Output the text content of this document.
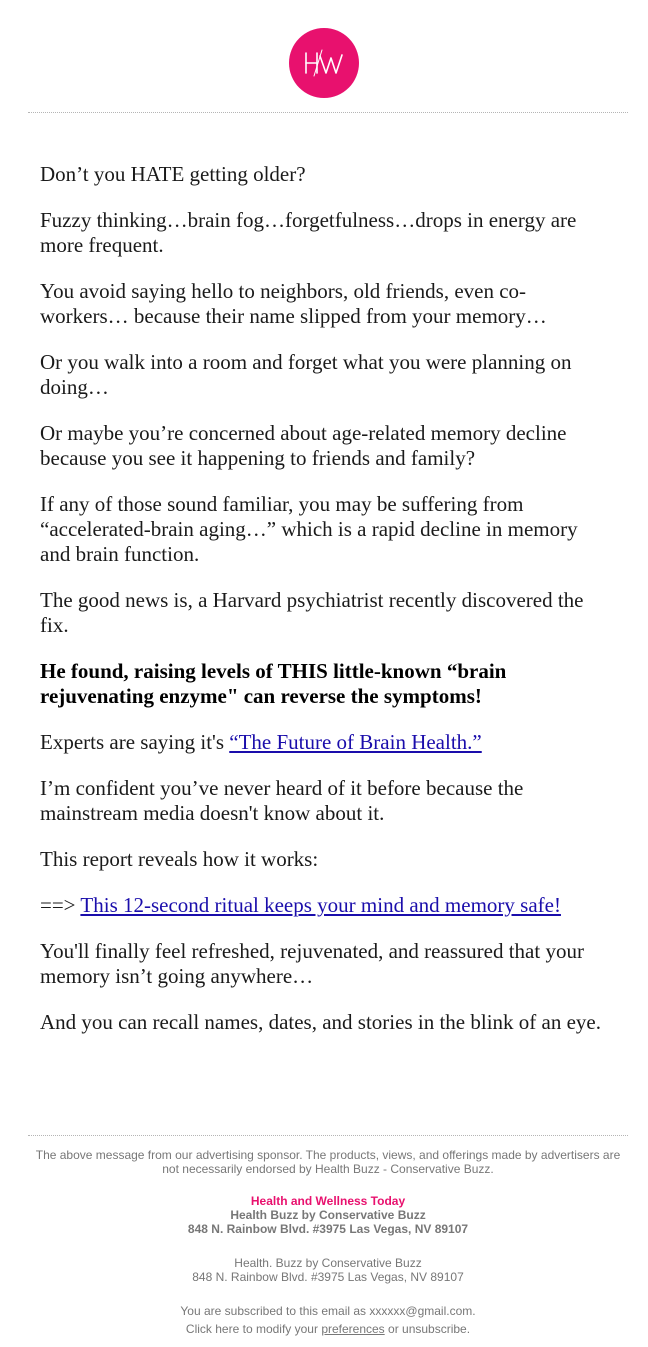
Don’t you HATE getting older?

Fuzzy thinking…brain fog…forgetfulness…drops in energy are more frequent.

You avoid saying hello to neighbors, old friends, even co-workers… because their name slipped from your memory…

Or you walk into a room and forget what you were planning on doing…

Or maybe you’re concerned about age-related memory decline because you see it happening to friends and family?

If any of those sound familiar, you may be suffering from “accelerated-brain aging…” which is a rapid decline in memory and brain function.

The good news is, a Harvard psychiatrist recently discovered the fix.

He found, raising levels of THIS little-known “brain rejuvenating enzyme" can reverse the symptoms!

Experts are saying it's “The Future of Brain Health.”

I’m confident you’ve never heard of it before because the mainstream media doesn't know about it.

This report reveals how it works:

==> This 12-second ritual keeps your mind and memory safe!

You'll finally feel refreshed, rejuvenated, and reassured that your memory isn’t going anywhere…

And you can recall names, dates, and stories in the blink of an eye.

The above message from our advertising sponsor. The products, views, and offerings made by advertisers are not necessarily endorsed by Health Buzz - Conservative Buzz.

Health and Wellness Today

Health Buzz by Conservative Buzz

848 N. Rainbow Blvd. #3975 Las Vegas, NV 89107

Health. Buzz by Conservative Buzz

848 N. Rainbow Blvd. #3975 Las Vegas, NV 89107

You are subscribed to this email as xxxxxx@gmail.com.

Click here to modify your preferences or unsubscribe.
